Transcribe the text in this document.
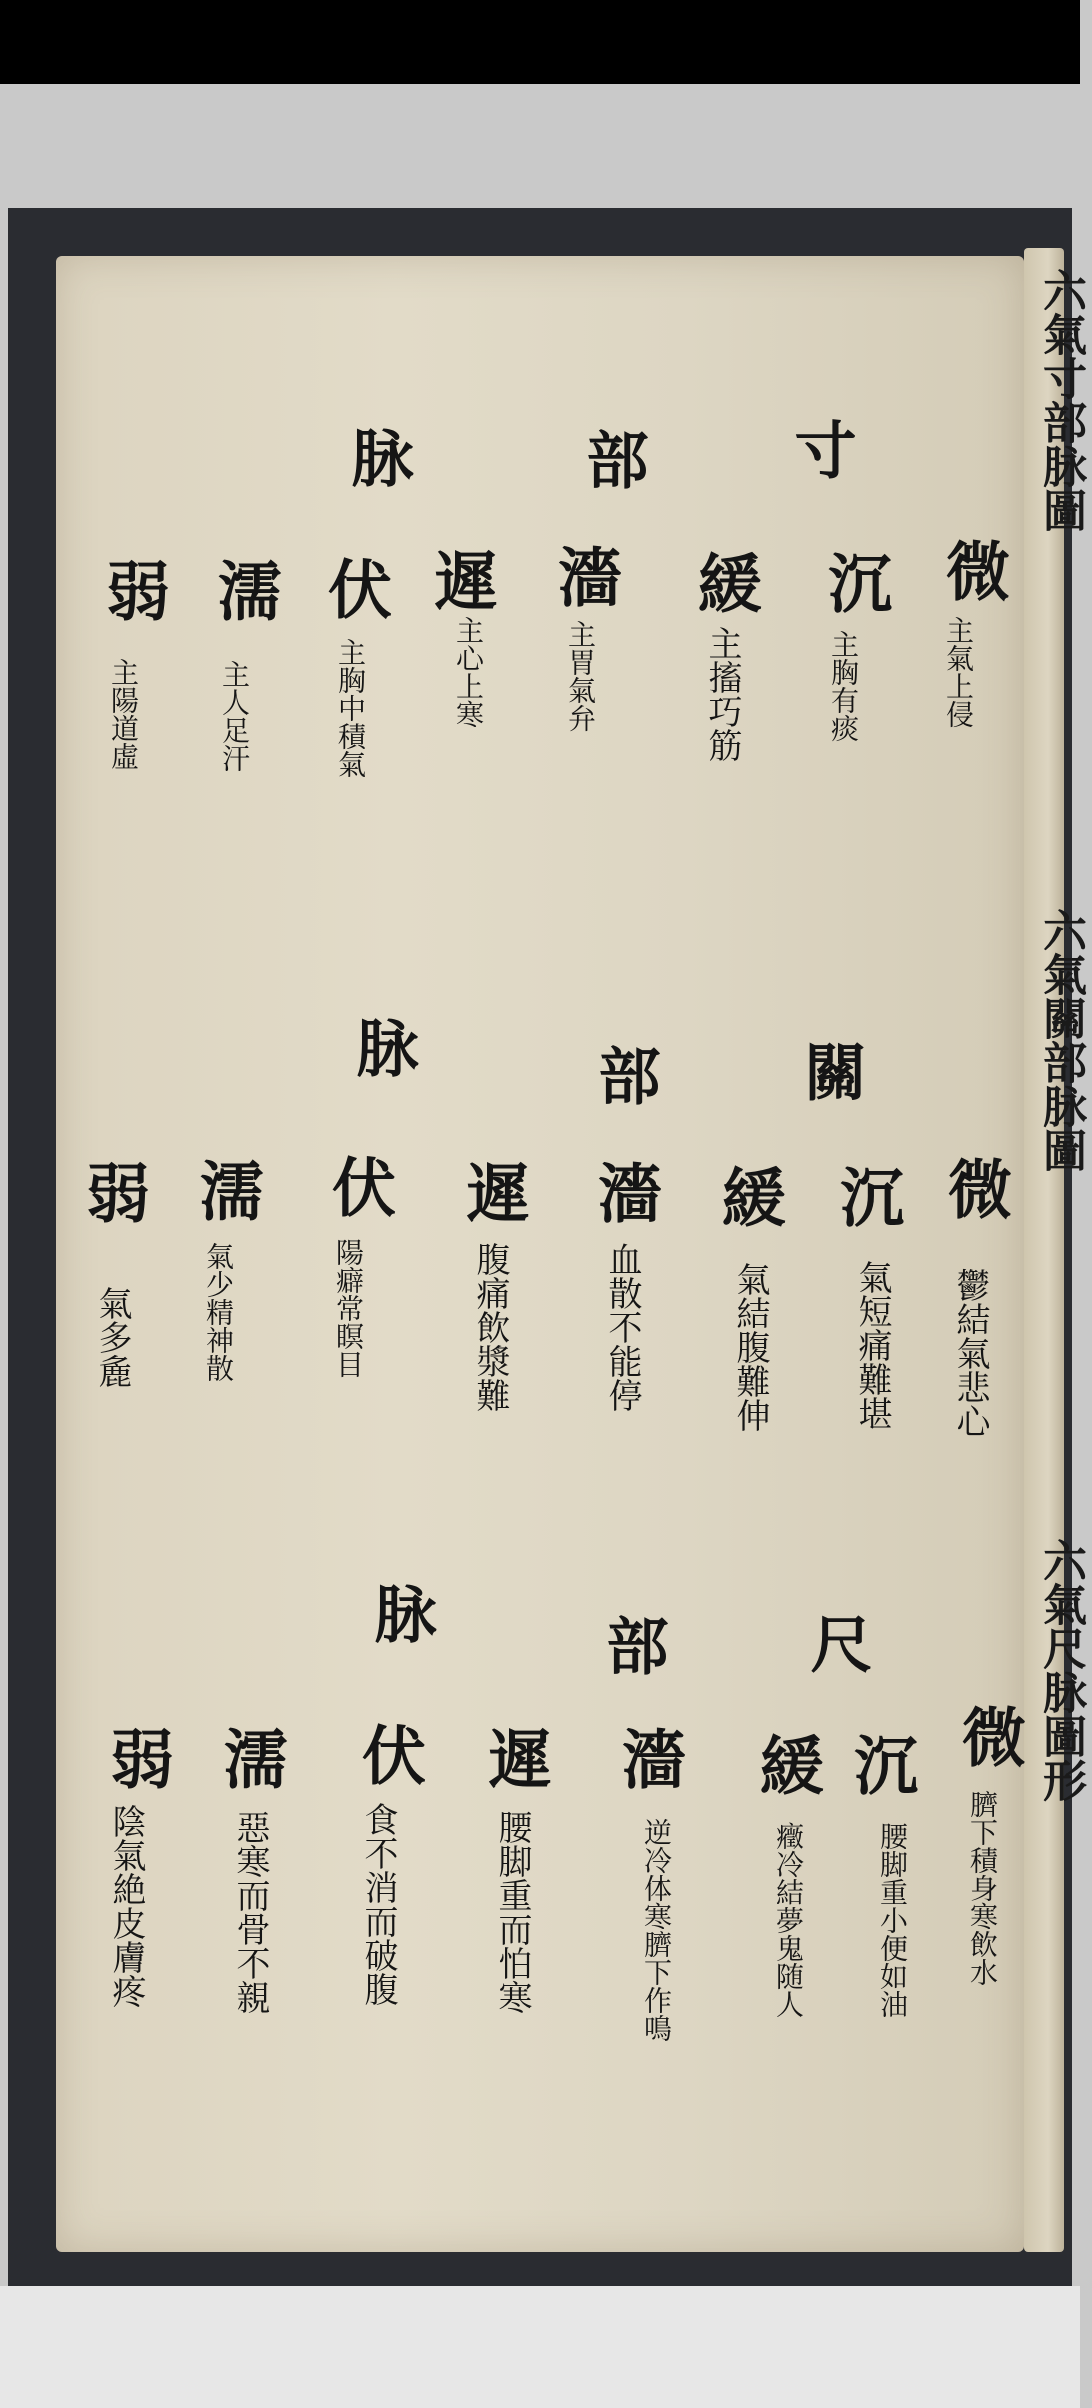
六氣寸部脉圖
六氣關部脉圖
六氣尺脉圖形
寸
部
脉
微
主氣上侵
沉
主胸有痰
緩
主搐巧筋
濇
主胃氣弁
遲
主心上寒
伏
主胸中積氣
濡
主人足汗
弱
主陽道虛
關
部
脉
微
鬱結氣悲心
沉
氣短痛難堪
緩
氣結腹難伸
濇
血散不能停
遲
腹痛飲漿難
伏
陽癖常瞑目
濡
氣少精神散
弱
氣多麁
尺
部
脉
微
臍下積身寒飲水
沉
腰脚重小便如油
緩
癥冷結夢鬼随人
濇
逆冷体寒臍下作鳴
遲
腰脚重而怕寒
伏
食不消而破腹
濡
惡寒而骨不親
弱
陰氣絶皮膚疼
